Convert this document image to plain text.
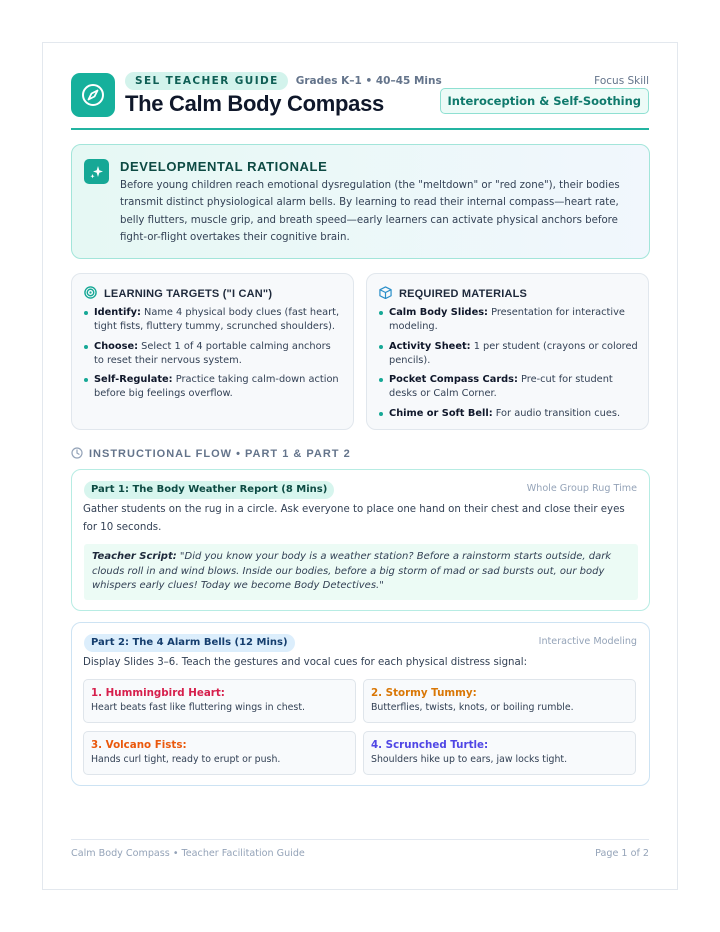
SEL TEACHER GUIDE	Grades K–1 • 40–45 Mins
The Calm Body Compass
Focus Skill
Interoception & Self-Soothing
DEVELOPMENTAL RATIONALE
Before young children reach emotional dysregulation (the "meltdown" or "red zone"), their bodies transmit distinct physiological alarm bells. By learning to read their internal compass—heart rate, belly flutters, muscle grip, and breath speed—early learners can activate physical anchors before fight-or-flight overtakes their cognitive brain.
LEARNING TARGETS ("I CAN")
Identify: Name 4 physical body clues (fast heart, tight fists, fluttery tummy, scrunched shoulders).
Choose: Select 1 of 4 portable calming anchors to reset their nervous system.
Self-Regulate: Practice taking calm-down action before big feelings overflow.
REQUIRED MATERIALS
Calm Body Slides: Presentation for interactive modeling.
Activity Sheet: 1 per student (crayons or colored pencils).
Pocket Compass Cards: Pre-cut for student desks or Calm Corner.
Chime or Soft Bell: For audio transition cues.
INSTRUCTIONAL FLOW • PART 1 & PART 2
Part 1: The Body Weather Report (8 Mins)	Whole Group Rug Time
Gather students on the rug in a circle. Ask everyone to place one hand on their chest and close their eyes for 10 seconds.
Teacher Script: "Did you know your body is a weather station? Before a rainstorm starts outside, dark clouds roll in and wind blows. Inside our bodies, before a big storm of mad or sad bursts out, our body whispers early clues! Today we become Body Detectives."
Part 2: The 4 Alarm Bells (12 Mins)	Interactive Modeling
Display Slides 3–6. Teach the gestures and vocal cues for each physical distress signal:
1. Hummingbird Heart:
Heart beats fast like fluttering wings in chest.
2. Stormy Tummy:
Butterflies, twists, knots, or boiling rumble.
3. Volcano Fists:
Hands curl tight, ready to erupt or push.
4. Scrunched Turtle:
Shoulders hike up to ears, jaw locks tight.
Calm Body Compass • Teacher Facilitation Guide	Page 1 of 2
